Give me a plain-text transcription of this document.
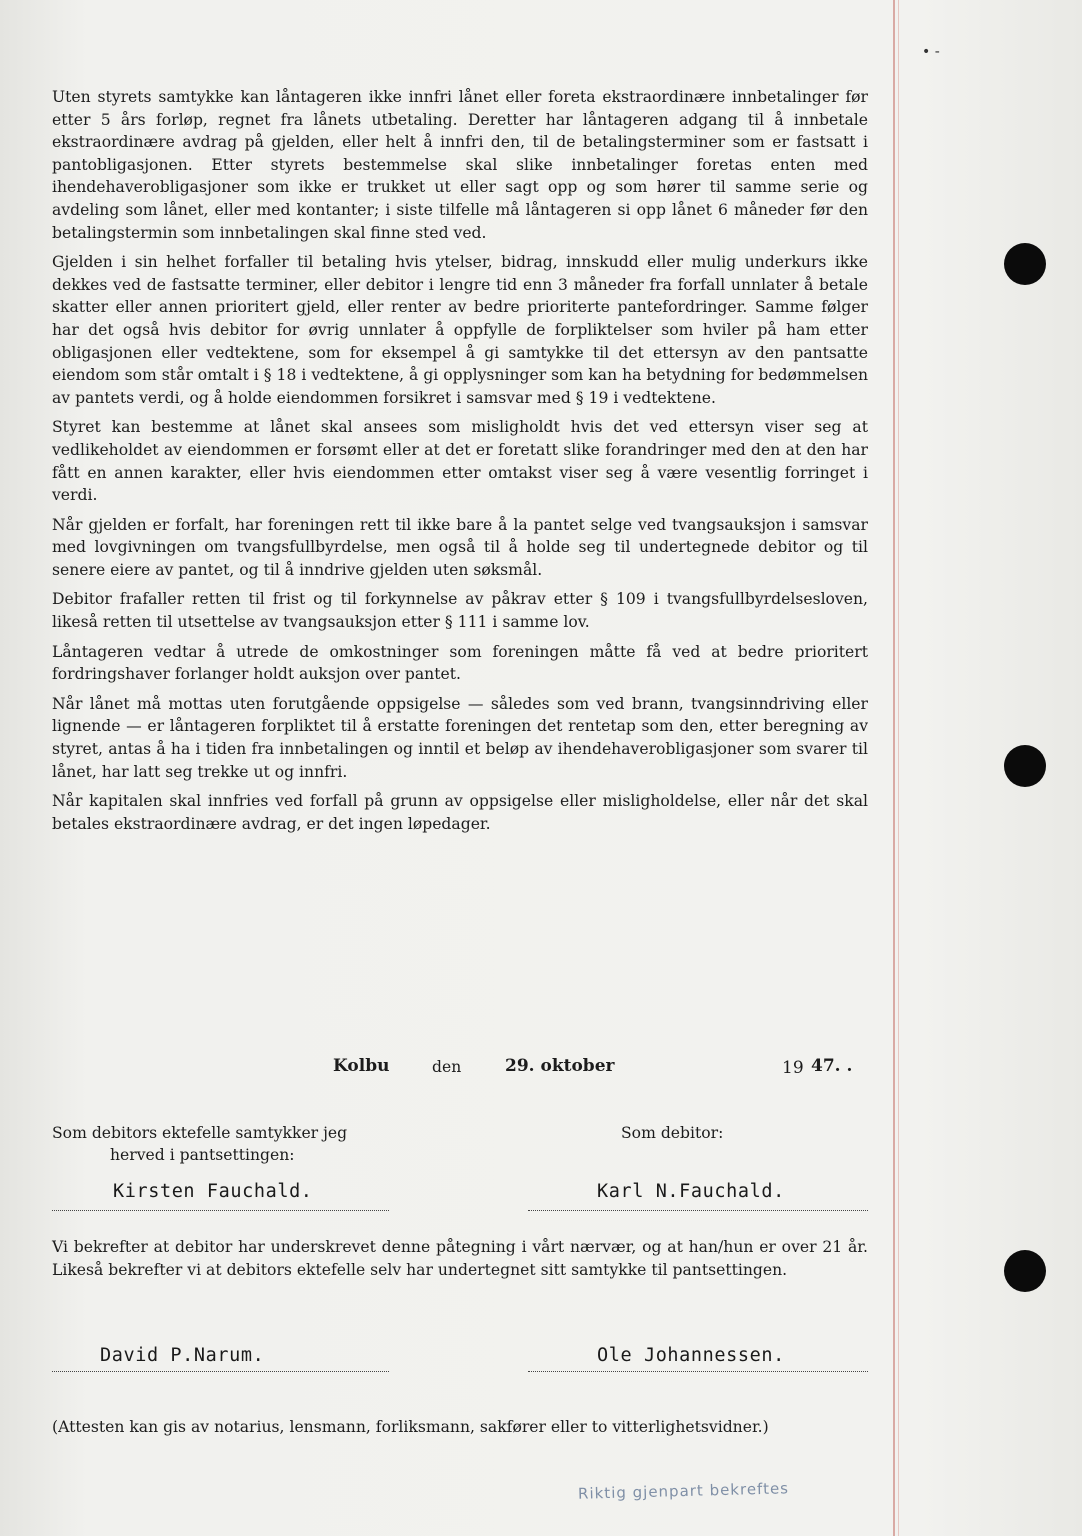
• -

Uten styrets samtykke kan låntageren ikke innfri lånet eller foreta ekstraordinære innbetalinger før etter 5 års forløp, regnet fra lånets utbetaling. Deretter har låntageren adgang til å innbetale ekstraordinære avdrag på gjelden, eller helt å innfri den, til de betalingsterminer som er fastsatt i pantobligasjonen. Etter styrets bestemmelse skal slike innbetalinger foretas enten med ihendehaverobligasjoner som ikke er trukket ut eller sagt opp og som hører til samme serie og avdeling som lånet, eller med kontanter; i siste tilfelle må låntageren si opp lånet 6 måneder før den betalingstermin som innbetalingen skal finne sted ved.

Gjelden i sin helhet forfaller til betaling hvis ytelser, bidrag, innskudd eller mulig underkurs ikke dekkes ved de fastsatte terminer, eller debitor i lengre tid enn 3 måneder fra forfall unnlater å betale skatter eller annen prioritert gjeld, eller renter av bedre prioriterte pantefordringer. Samme følger har det også hvis debitor for øvrig unnlater å oppfylle de forpliktelser som hviler på ham etter obligasjonen eller vedtektene, som for eksempel å gi samtykke til det ettersyn av den pantsatte eiendom som står omtalt i § 18 i vedtektene, å gi opplysninger som kan ha betydning for bedømmelsen av pantets verdi, og å holde eiendommen forsikret i samsvar med § 19 i vedtektene.

Styret kan bestemme at lånet skal ansees som misligholdt hvis det ved ettersyn viser seg at vedlikeholdet av eiendommen er forsømt eller at det er foretatt slike forandringer med den at den har fått en annen karakter, eller hvis eiendommen etter omtakst viser seg å være vesentlig forringet i verdi.

Når gjelden er forfalt, har foreningen rett til ikke bare å la pantet selge ved tvangsauksjon i samsvar med lovgivningen om tvangsfullbyrdelse, men også til å holde seg til undertegnede debitor og til senere eiere av pantet, og til å inndrive gjelden uten søksmål.

Debitor frafaller retten til frist og til forkynnelse av påkrav etter § 109 i tvangsfullbyrdelsesloven, likeså retten til utsettelse av tvangsauksjon etter § 111 i samme lov.

Låntageren vedtar å utrede de omkostninger som foreningen måtte få ved at bedre prioritert fordringshaver forlanger holdt auksjon over pantet.

Når lånet må mottas uten forutgående oppsigelse — således som ved brann, tvangsinndriving eller lignende — er låntageren forpliktet til å erstatte foreningen det rentetap som den, etter beregning av styret, antas å ha i tiden fra innbetalingen og inntil et beløp av ihendehaverobligasjoner som svarer til lånet, har latt seg trekke ut og innfri.

Når kapitalen skal innfries ved forfall på grunn av oppsigelse eller misligholdelse, eller når det skal betales ekstraordinære avdrag, er det ingen løpedager.

Kolbu	den	29. oktober	19 47. .
Som debitors ektefelle samtykker jeg
herved i pantsettingen:
Som debitor:
Kirsten Fauchald.	Karl N.Fauchald.
Vi bekrefter at debitor har underskrevet denne påtegning i vårt nærvær, og at han/hun er over 21 år. Likeså bekrefter vi at debitors ektefelle selv har undertegnet sitt samtykke til pantsettingen.
David P.Narum.	Ole Johannessen.
(Attesten kan gis av notarius, lensmann, forliksmann, sakfører eller to vitterlighetsvidner.)
Riktig gjenpart bekreftes
